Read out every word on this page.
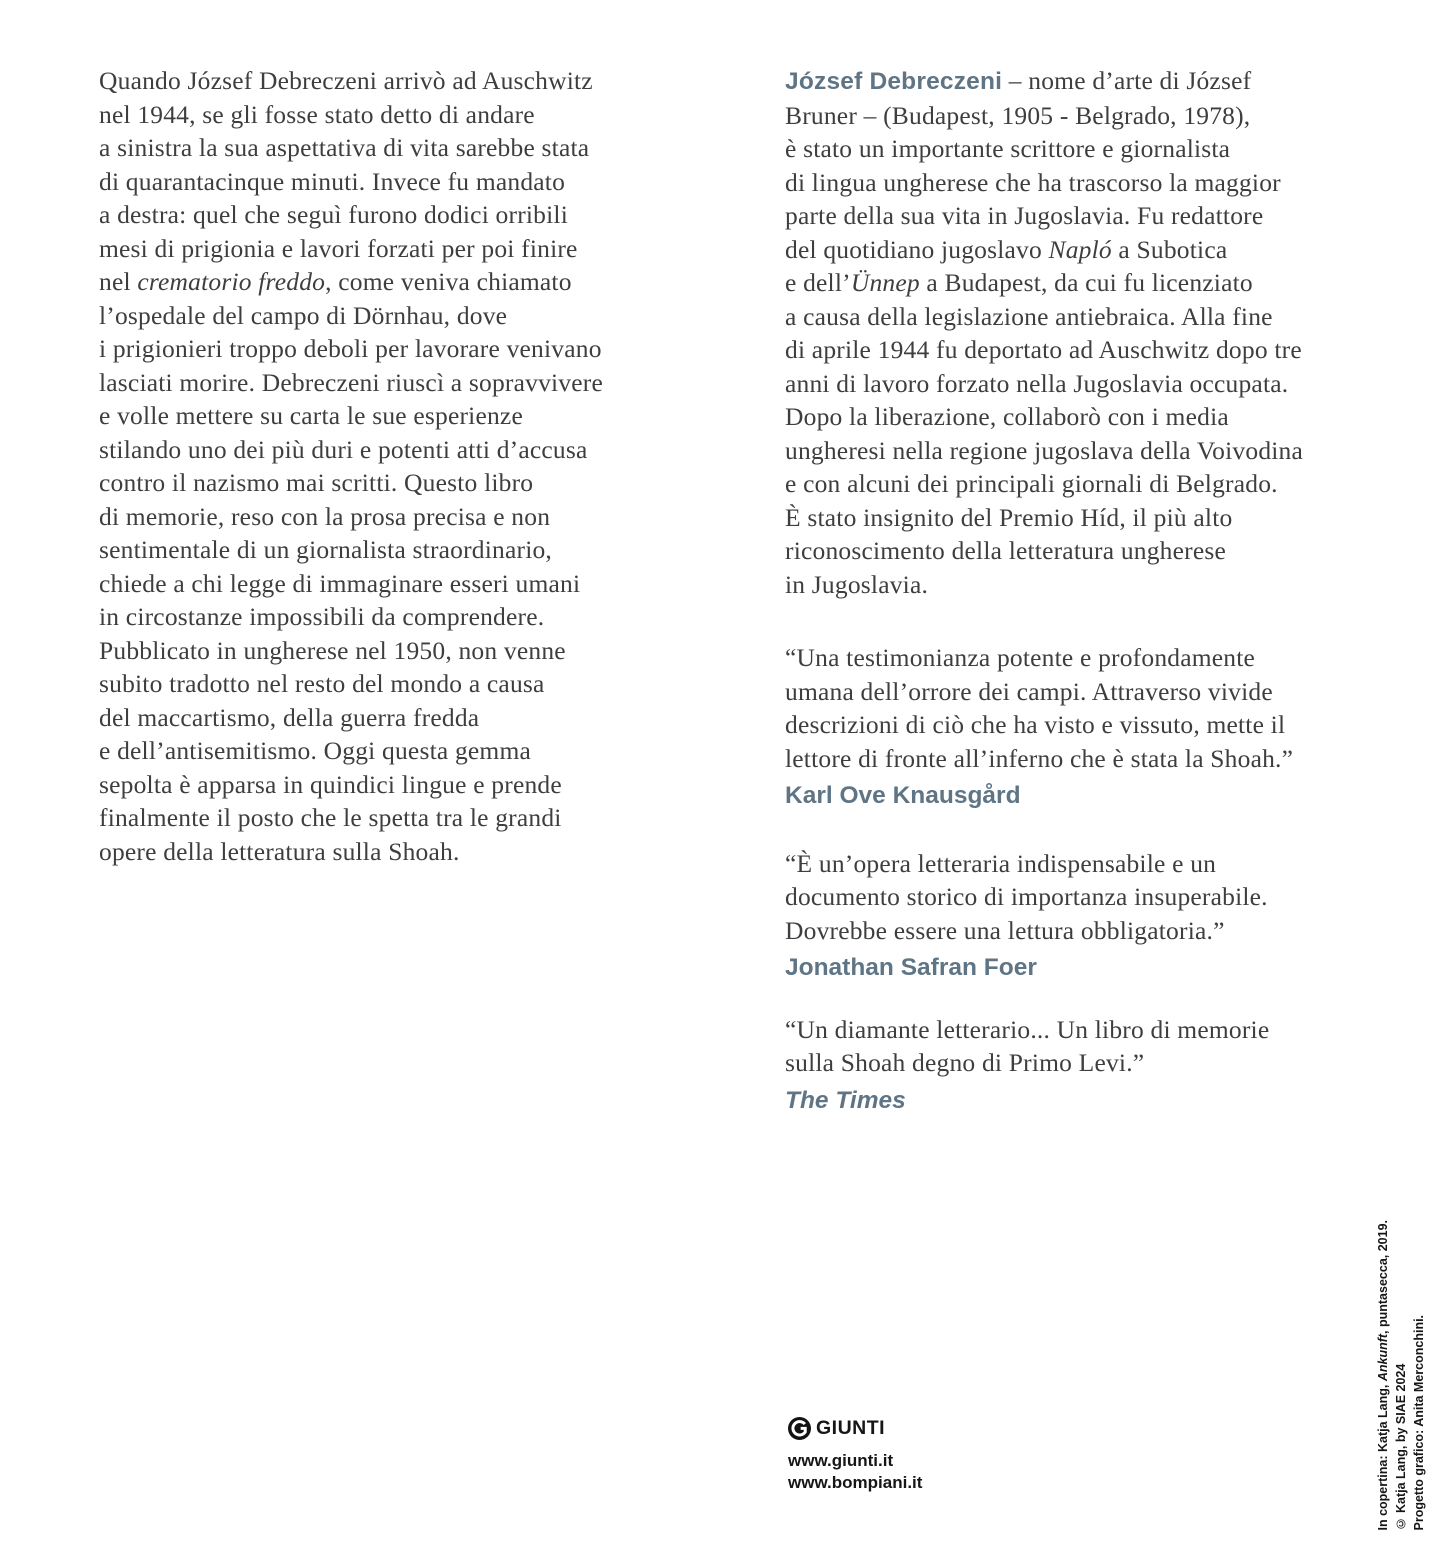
Quando József Debreczeni arrivò ad Auschwitz
nel 1944, se gli fosse stato detto di andare
a sinistra la sua aspettativa di vita sarebbe stata
di quarantacinque minuti. Invece fu mandato
a destra: quel che seguì furono dodici orribili
mesi di prigionia e lavori forzati per poi finire
nel crematorio freddo, come veniva chiamato
l’ospedale del campo di Dörnhau, dove
i prigionieri troppo deboli per lavorare venivano
lasciati morire. Debreczeni riuscì a sopravvivere
e volle mettere su carta le sue esperienze
stilando uno dei più duri e potenti atti d’accusa
contro il nazismo mai scritti. Questo libro
di memorie, reso con la prosa precisa e non
sentimentale di un giornalista straordinario,
chiede a chi legge di immaginare esseri umani
in circostanze impossibili da comprendere.
Pubblicato in ungherese nel 1950, non venne
subito tradotto nel resto del mondo a causa
del maccartismo, della guerra fredda
e dell’antisemitismo. Oggi questa gemma
sepolta è apparsa in quindici lingue e prende
finalmente il posto che le spetta tra le grandi
opere della letteratura sulla Shoah.
József Debreczeni – nome d’arte di József
Bruner – (Budapest, 1905 - Belgrado, 1978),
è stato un importante scrittore e giornalista
di lingua ungherese che ha trascorso la maggior
parte della sua vita in Jugoslavia. Fu redattore
del quotidiano jugoslavo Napló a Subotica
e dell’Ünnep a Budapest, da cui fu licenziato
a causa della legislazione antiebraica. Alla fine
di aprile 1944 fu deportato ad Auschwitz dopo tre
anni di lavoro forzato nella Jugoslavia occupata.
Dopo la liberazione, collaborò con i media
ungheresi nella regione jugoslava della Voivodina
e con alcuni dei principali giornali di Belgrado.
È stato insignito del Premio Híd, il più alto
riconoscimento della letteratura ungherese
in Jugoslavia.
“Una testimonianza potente e profondamente
umana dell’orrore dei campi. Attraverso vivide
descrizioni di ciò che ha visto e vissuto, mette il
lettore di fronte all’inferno che è stata la Shoah.”
Karl Ove Knausgård
“È un’opera letteraria indispensabile e un
documento storico di importanza insuperabile.
Dovrebbe essere una lettura obbligatoria.”
Jonathan Safran Foer
“Un diamante letterario... Un libro di memorie
sulla Shoah degno di Primo Levi.”
The Times
GIUNTI
www.giunti.it
www.bompiani.it	In copertina: Katja Lang, Ankunft, puntasecca, 2019.
© Katja Lang, by SIAE 2024 Progetto grafico: Anita Merconchini.
